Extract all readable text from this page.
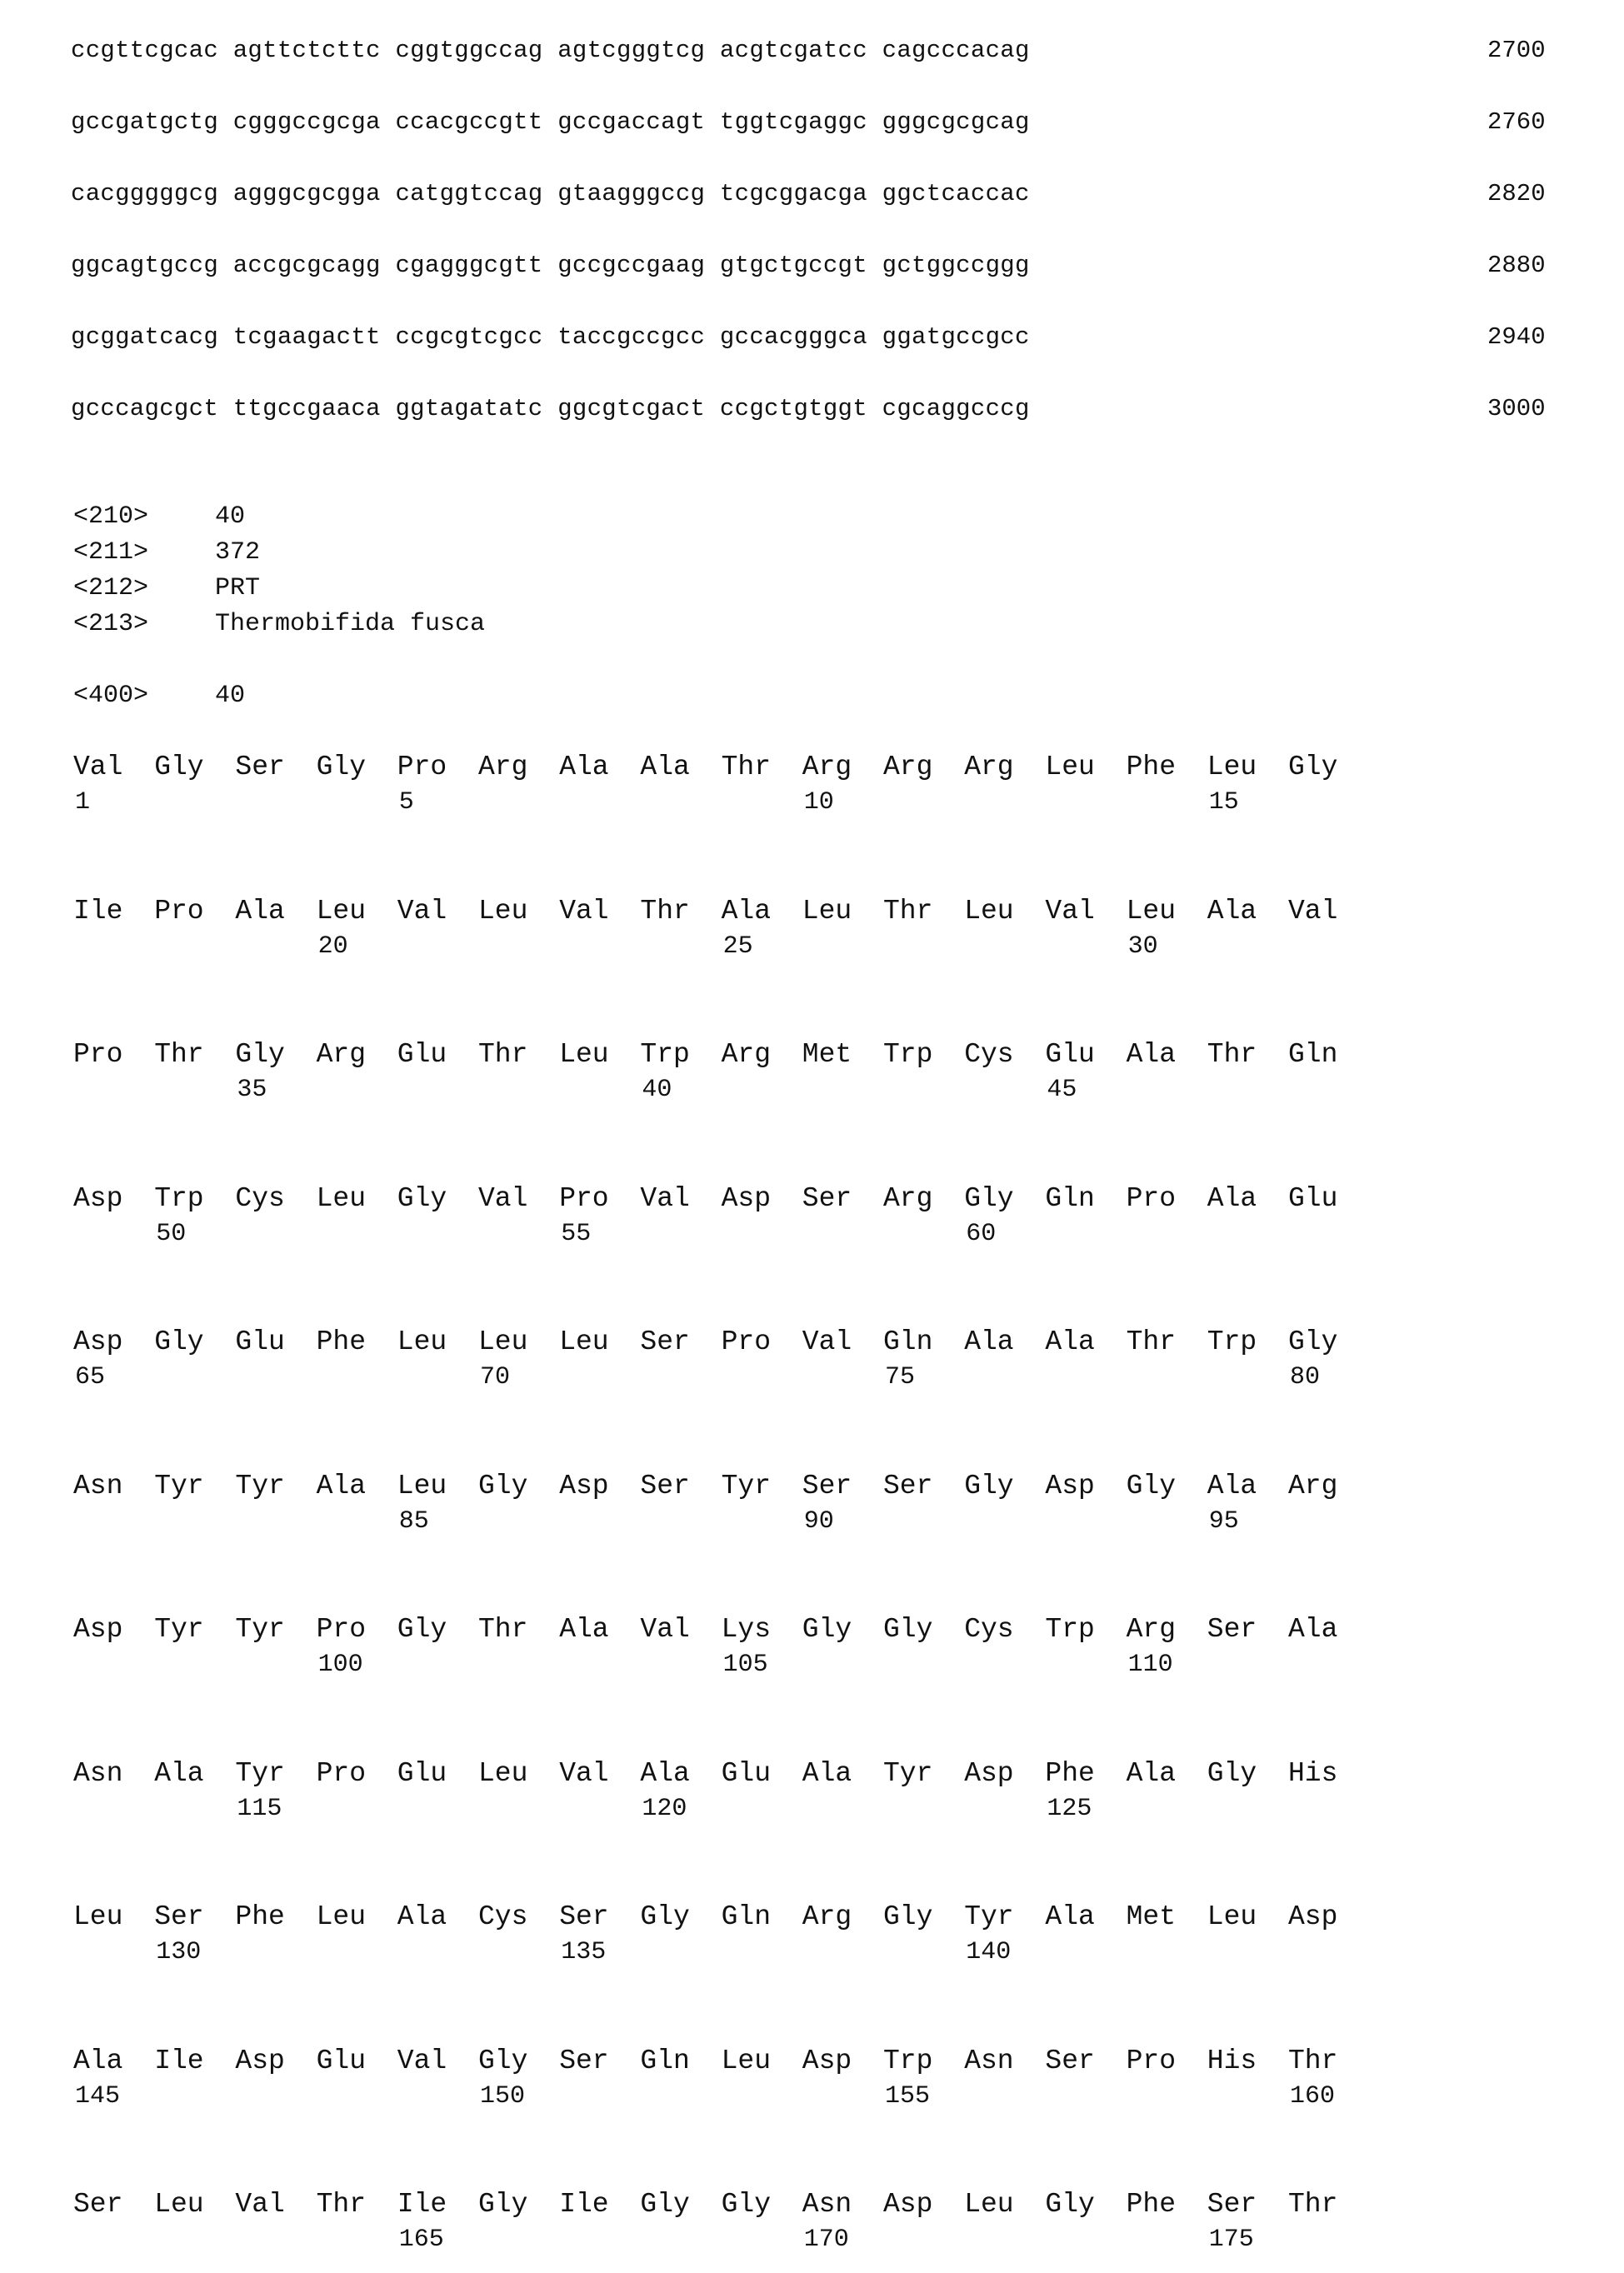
ccgttcgcac agttctcttc cggtggccag agtcgggtcg acgtcgatcc cagcccacag	2700
gccgatgctg cgggccgcga ccacgccgtt gccgaccagt tggtcgaggc gggcgcgcag	2760
cacgggggcg agggcgcgga catggtccag gtaagggccg tcgcggacga ggctcaccac	2820
ggcagtgccg accgcgcagg cgagggcgtt gccgccgaag gtgctgccgt gctggccggg	2880
gcggatcacg tcgaagactt ccgcgtcgcc taccgccgcc gccacgggca ggatgccgcc	2940
gcccagcgct ttgccgaaca ggtagatatc ggcgtcgact ccgctgtggt cgcaggcccg	3000
<210>	40
<211>	372
<212>	PRT
<213>	Thermobifida fusca
<400>	40
Val Gly Ser Gly Pro Arg Ala Ala Thr Arg Arg Arg Leu Phe Leu Gly
1	5	10	15
Ile Pro Ala Leu Val Leu Val Thr Ala Leu Thr Leu Val Leu Ala Val
20	25	30
Pro Thr Gly Arg Glu Thr Leu Trp Arg Met Trp Cys Glu Ala Thr Gln
35	40	45
Asp Trp Cys Leu Gly Val Pro Val Asp Ser Arg Gly Gln Pro Ala Glu
50	55	60
Asp Gly Glu Phe Leu Leu Leu Ser Pro Val Gln Ala Ala Thr Trp Gly
65	70	75	80
Asn Tyr Tyr Ala Leu Gly Asp Ser Tyr Ser Ser Gly Asp Gly Ala Arg
85	90	95
Asp Tyr Tyr Pro Gly Thr Ala Val Lys Gly Gly Cys Trp Arg Ser Ala
100	105	110
Asn Ala Tyr Pro Glu Leu Val Ala Glu Ala Tyr Asp Phe Ala Gly His
115	120	125
Leu Ser Phe Leu Ala Cys Ser Gly Gln Arg Gly Tyr Ala Met Leu Asp
130	135	140
Ala Ile Asp Glu Val Gly Ser Gln Leu Asp Trp Asn Ser Pro His Thr
145	150	155	160
Ser Leu Val Thr Ile Gly Ile Gly Gly Asn Asp Leu Gly Phe Ser Thr
165	170	175
